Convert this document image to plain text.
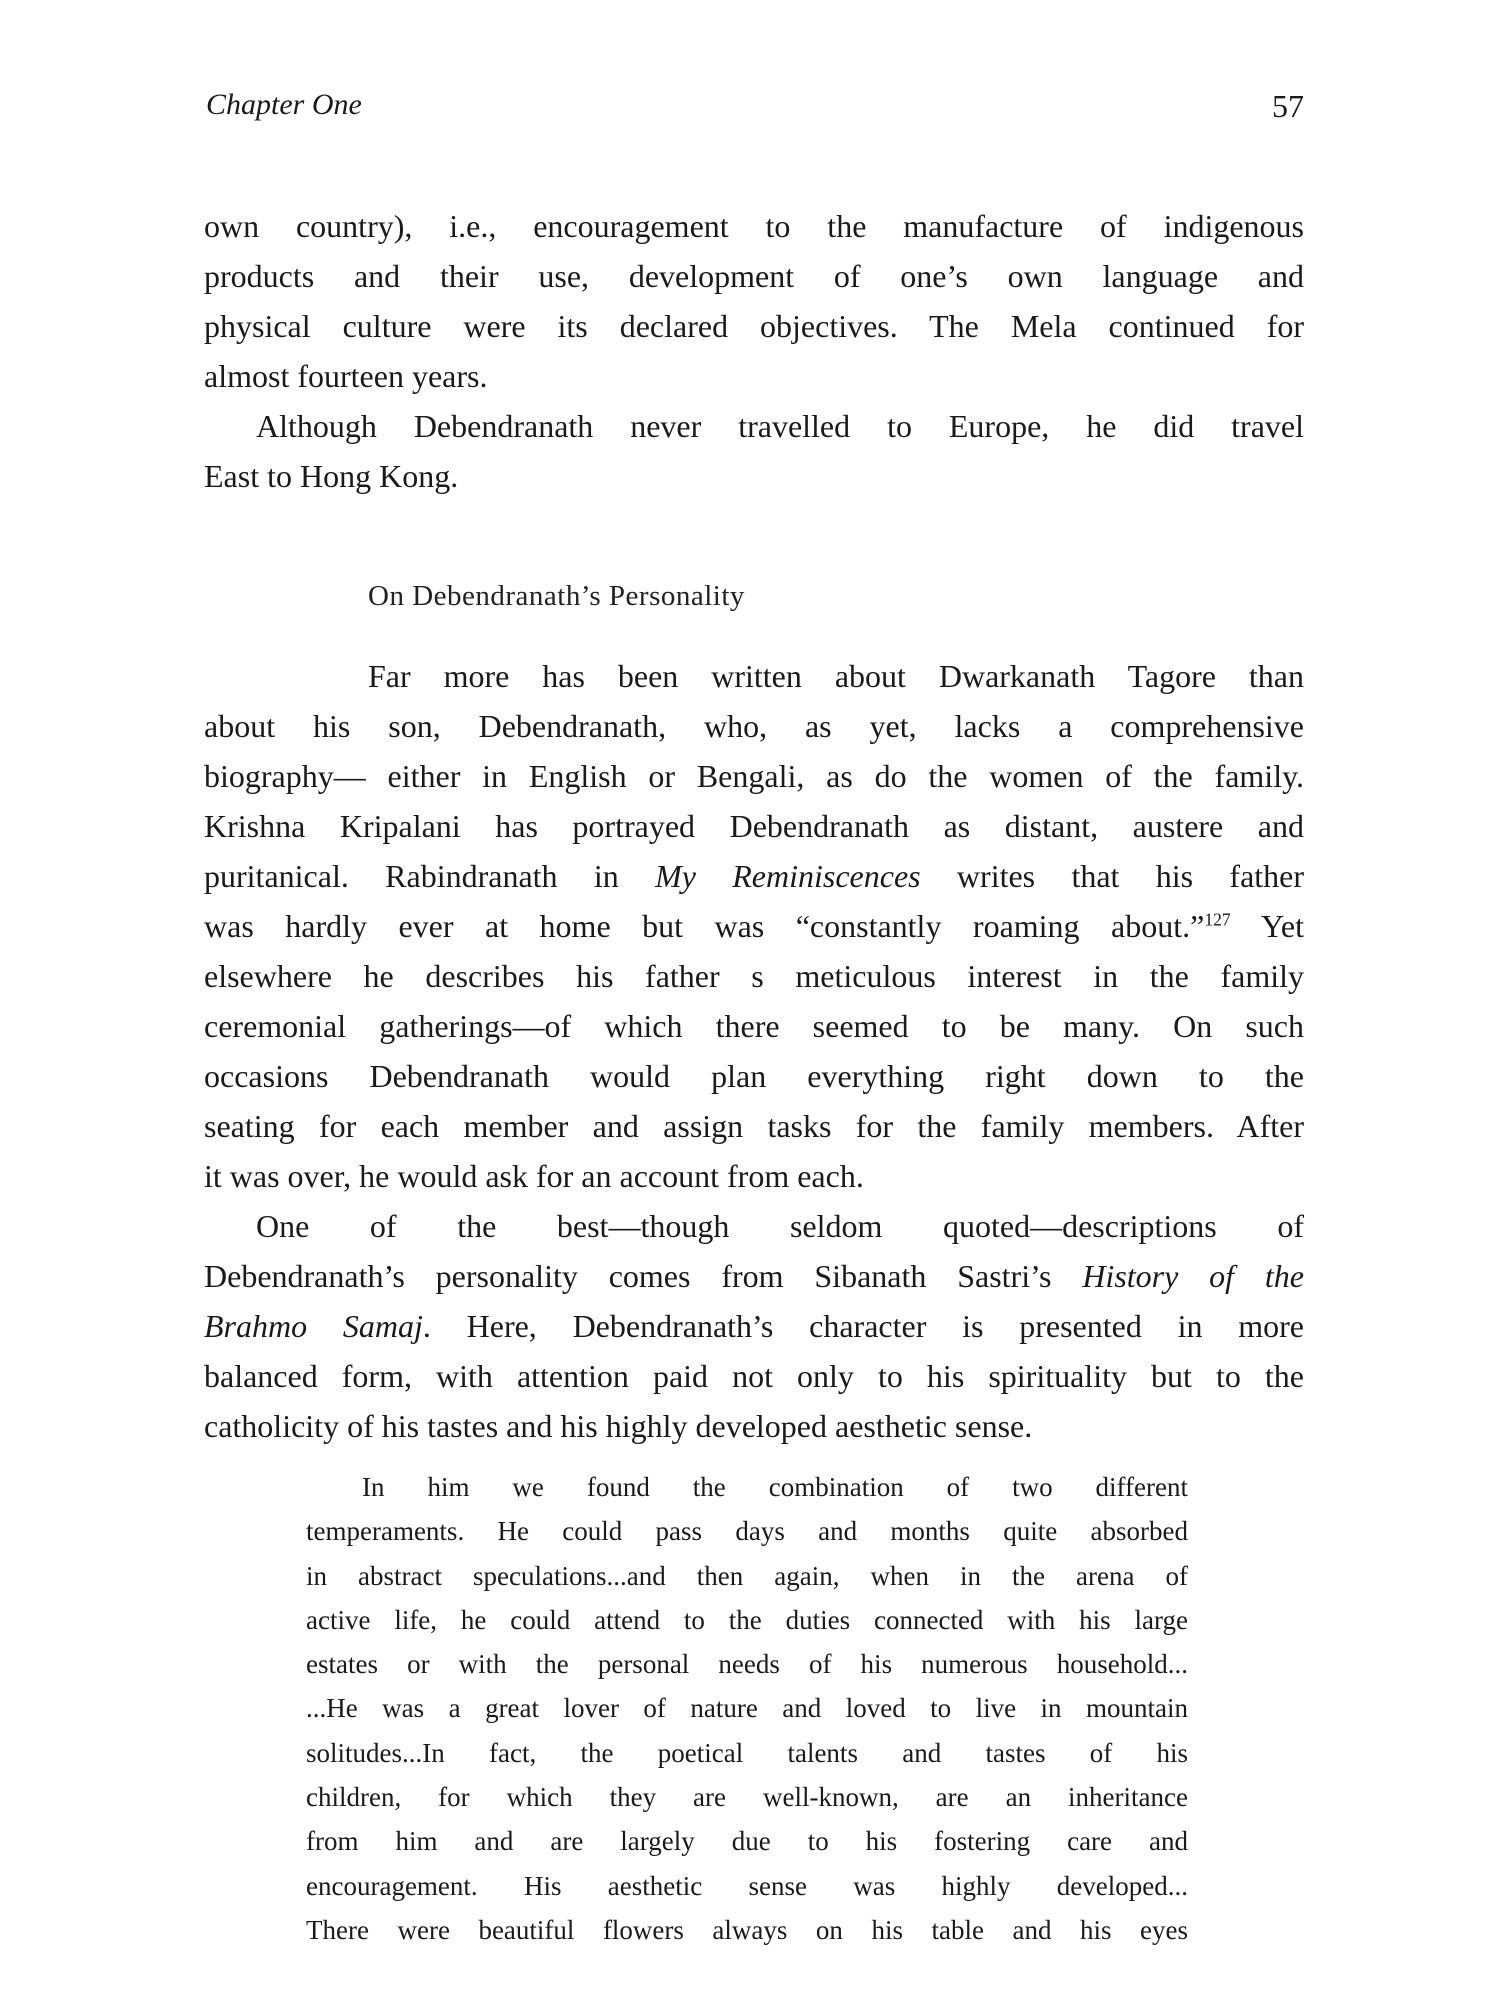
Chapter One	57
own country), i.e., encouragement to the manufacture of indigenous
products and their use, development of one’s own language and
physical culture were its declared objectives. The Mela continued for
almost fourteen years.
Although Debendranath never travelled to Europe, he did travel
East to Hong Kong.
On Debendranath’s Personality
Far more has been written about Dwarkanath Tagore than
about his son, Debendranath, who, as yet, lacks a comprehensive
biography— either in English or Bengali, as do the women of the family.
Krishna Kripalani has portrayed Debendranath as distant, austere and
puritanical. Rabindranath in My Reminiscences writes that his father
was hardly ever at home but was “constantly roaming about.”$^{127}$ Yet
elsewhere he describes his father s meticulous interest in the family
ceremonial gatherings—of which there seemed to be many. On such
occasions Debendranath would plan everything right down to the
seating for each member and assign tasks for the family members. After
it was over, he would ask for an account from each.
One of the best—though seldom quoted—descriptions of
Debendranath’s personality comes from Sibanath Sastri’s History of the
Brahmo Samaj. Here, Debendranath’s character is presented in more
balanced form, with attention paid not only to his spirituality but to the
catholicity of his tastes and his highly developed aesthetic sense.
In him we found the combination of two different
temperaments. He could pass days and months quite absorbed
in abstract speculations...and then again, when in the arena of
active life, he could attend to the duties connected with his large
estates or with the personal needs of his numerous household...
...He was a great lover of nature and loved to live in mountain
solitudes...In fact, the poetical talents and tastes of his
children, for which they are well-known, are an inheritance
from him and are largely due to his fostering care and
encouragement. His aesthetic sense was highly developed...
There were beautiful flowers always on his table and his eyes
